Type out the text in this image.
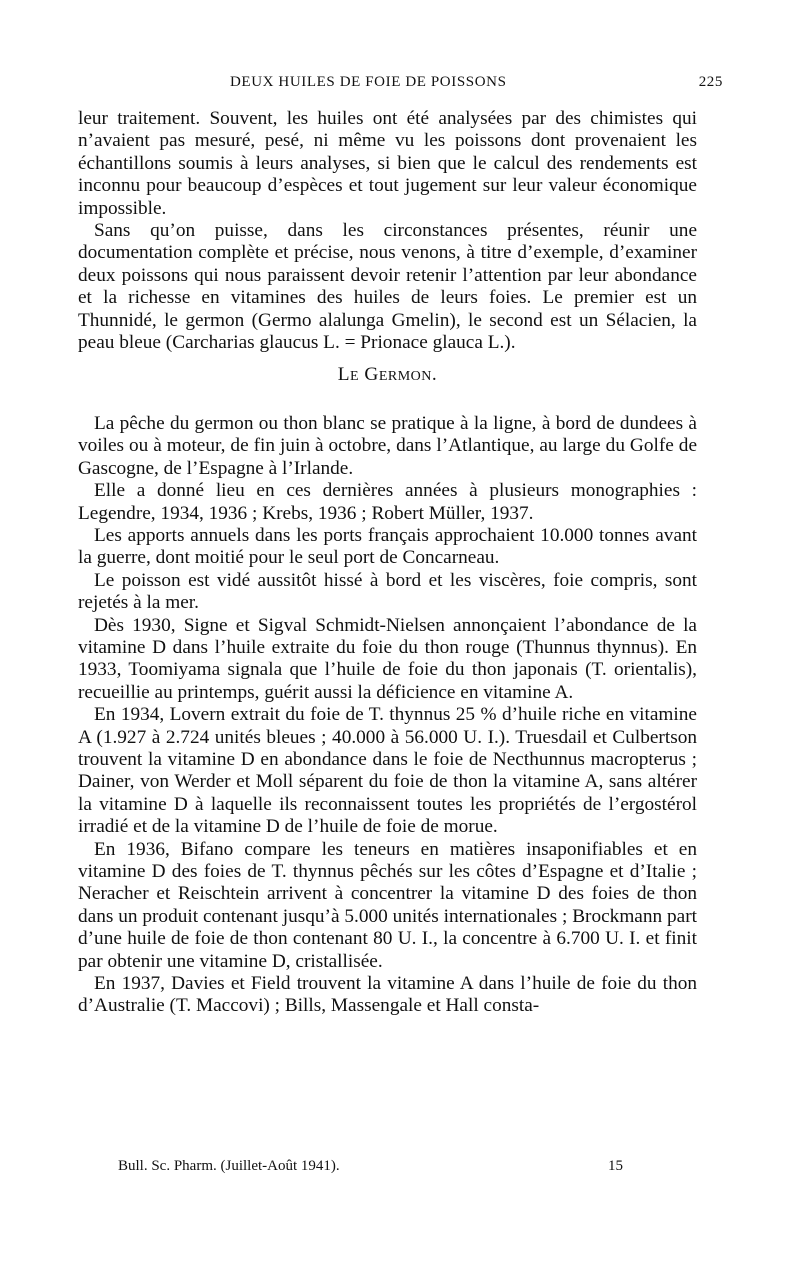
DEUX HUILES DE FOIE DE POISSONS	225

leur traitement. Souvent, les huiles ont été analysées par des chimistes qui n’avaient pas mesuré, pesé, ni même vu les poissons dont provenaient les échantillons soumis à leurs analyses, si bien que le calcul des rendements est inconnu pour beaucoup d’espèces et tout jugement sur leur valeur économique impossible.

Sans qu’on puisse, dans les circonstances présentes, réunir une documentation complète et précise, nous venons, à titre d’exemple, d’examiner deux poissons qui nous paraissent devoir retenir l’attention par leur abondance et la richesse en vitamines des huiles de leurs foies. Le premier est un Thunnidé, le germon (Germo alalunga Gmelin), le second est un Sélacien, la peau bleue (Carcharias glaucus L. = Prionace glauca L.).

Le Germon.

La pêche du germon ou thon blanc se pratique à la ligne, à bord de dundees à voiles ou à moteur, de fin juin à octobre, dans l’Atlantique, au large du Golfe de Gascogne, de l’Espagne à l’Irlande.

Elle a donné lieu en ces dernières années à plusieurs monographies : Legendre, 1934, 1936 ; Krebs, 1936 ; Robert Müller, 1937.

Les apports annuels dans les ports français approchaient 10.000 tonnes avant la guerre, dont moitié pour le seul port de Concarneau.

Le poisson est vidé aussitôt hissé à bord et les viscères, foie compris, sont rejetés à la mer.

Dès 1930, Signe et Sigval Schmidt-Nielsen annonçaient l’abondance de la vitamine D dans l’huile extraite du foie du thon rouge (Thunnus thynnus). En 1933, Toomiyama signala que l’huile de foie du thon japonais (T. orientalis), recueillie au printemps, guérit aussi la déficience en vitamine A.

En 1934, Lovern extrait du foie de T. thynnus 25 % d’huile riche en vitamine A (1.927 à 2.724 unités bleues ; 40.000 à 56.000 U. I.). Truesdail et Culbertson trouvent la vitamine D en abondance dans le foie de Necthunnus macropterus ; Dainer, von Werder et Moll séparent du foie de thon la vitamine A, sans altérer la vitamine D à laquelle ils reconnaissent toutes les propriétés de l’ergostérol irradié et de la vitamine D de l’huile de foie de morue.

En 1936, Bifano compare les teneurs en matières insaponifiables et en vitamine D des foies de T. thynnus pêchés sur les côtes d’Espagne et d’Italie ; Neracher et Reischtein arrivent à concentrer la vitamine D des foies de thon dans un produit contenant jusqu’à 5.000 unités internationales ; Brockmann part d’une huile de foie de thon contenant 80 U. I., la concentre à 6.700 U. I. et finit par obtenir une vitamine D, cristallisée.

En 1937, Davies et Field trouvent la vitamine A dans l’huile de foie du thon d’Australie (T. Maccovi) ; Bills, Massengale et Hall consta-

Bull. Sc. Pharm. (Juillet-Août 1941).	15
